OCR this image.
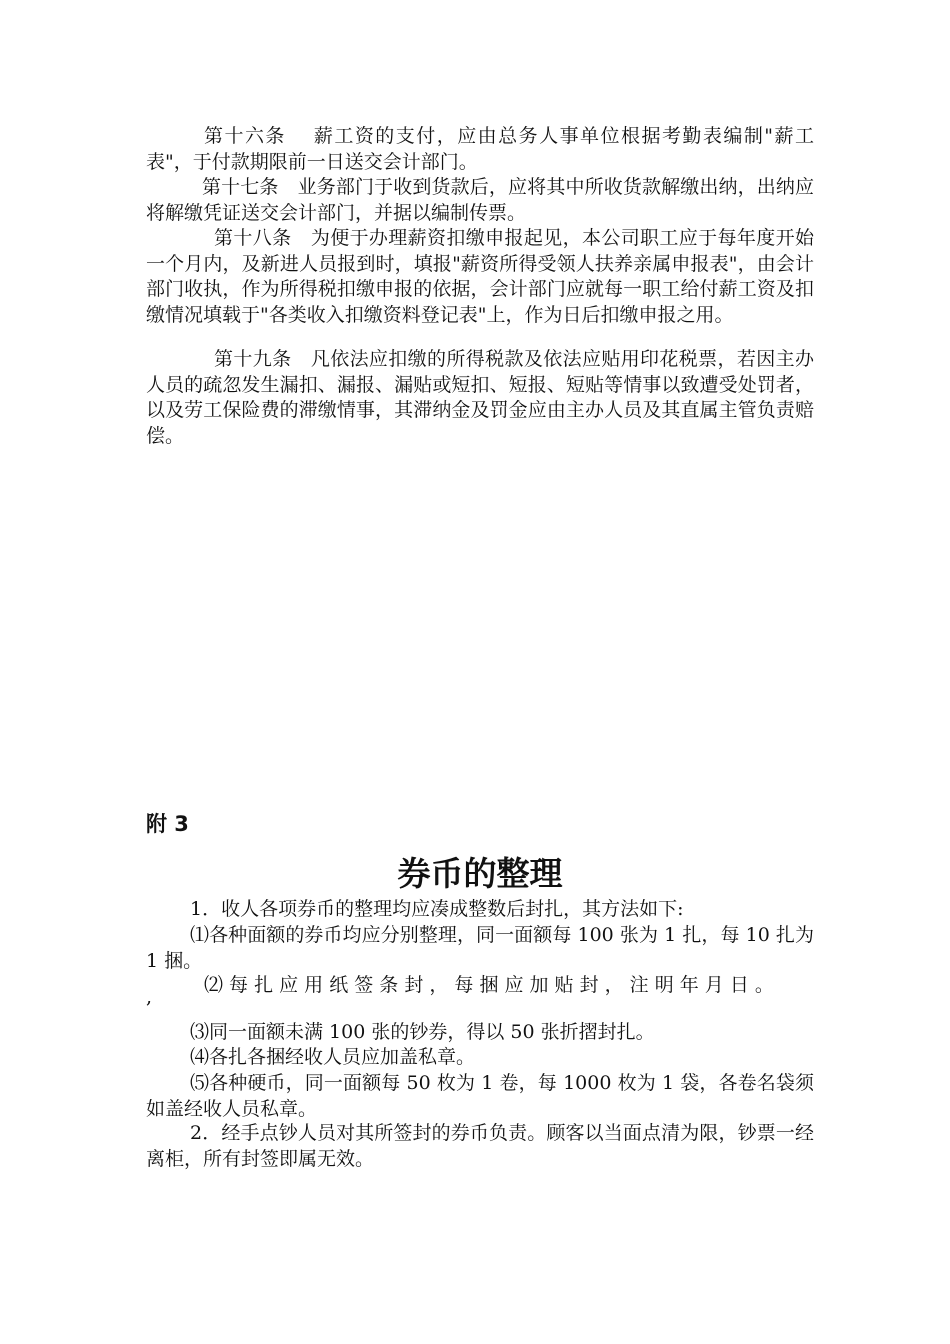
第十六条　 薪工资的支付，应由总务人事单位根据考勤表编制"薪工表"，于付款期限前一日送交会计部门。

第十七条　业务部门于收到货款后，应将其中所收货款解缴出纳，出纳应将解缴凭证送交会计部门，并据以编制传票。

第十八条　为便于办理薪资扣缴申报起见，本公司职工应于每年度开始一个月内，及新进人员报到时，填报"薪资所得受领人扶养亲属申报表"，由会计部门收执，作为所得税扣缴申报的依据，会计部门应就每一职工给付薪工资及扣缴情况填载于"各类收入扣缴资料登记表"上，作为日后扣缴申报之用。

第十九条　凡依法应扣缴的所得税款及依法应贴用印花税票，若因主办人员的疏忽发生漏扣、漏报、漏贴或短扣、短报、短贴等情事以致遭受处罚者，以及劳工保险费的滞缴情事，其滞纳金及罚金应由主办人员及其直属主管负责赔偿。

附 3

券币的整理

1．收人各项券币的整理均应凑成整数后封扎，其方法如下:

⑴各种面额的券币均应分别整理，同一面额每 100 张为 1 扎，每 10 扎为 1 捆。

⑵ 每 扎 应 用 纸 签 条 封 ， 每 捆 应 加 贴 封 ， 注 明 年 月 日 。

,

⑶同一面额未满 100 张的钞券，得以 50 张折摺封扎。

⑷各扎各捆经收人员应加盖私章。

⑸各种硬币，同一面额每 50 枚为 1 卷，每 1000 枚为 1 袋，各卷名袋须如盖经收人员私章。

2．经手点钞人员对其所签封的券币负责。顾客以当面点清为限，钞票一经离柜，所有封签即属无效。
